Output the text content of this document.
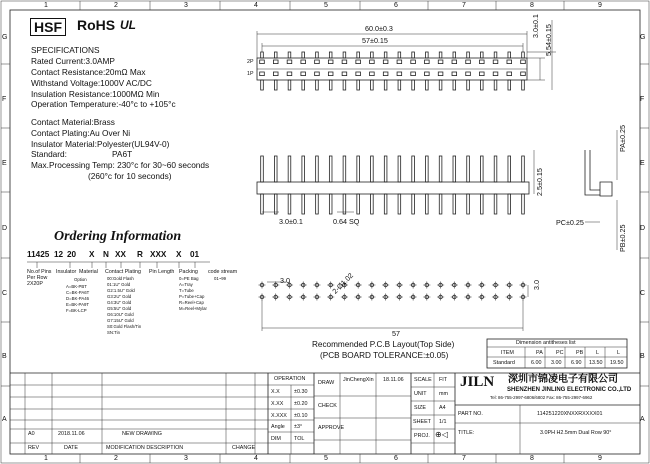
1	2	3	4	5	6	7	8	9
1	2	3	4	5	6	7	8	9
G
F
E
D
C
B
A
G
F
E
D
C
B
A
HSF RoHS UL
SPECIFICATIONS
Rated Current:3.0AMP
Contact Resistance:20mΩ Max
Withstand Voltage:1000V AC/DC
Insulation Resistance:1000MΩ Min
Operation Temperature:-40°c to +105°c
Contact Material:Brass
Contact Plating:Au Over Ni
Insulator Material:Polyester(UL94V-0)
Standard:	PA6T
Max.Processing Temp: 230°c for 30~60 seconds
(260°c for 10 seconds)
Ordering Information
11425 12 20 X N XX R XXX X 01
No.of Pins
Per Row
2X20P
Insulator Material
Option
A=BK-PBT
C=BK-PA6T
D=BK-PA46
E=BK-PA9T
F=BK-LCP
Contact Plating
00:Gold Flash
01:1U" Gold
G2:1.5U" Gold
G3:2U" Gold
G4:3U" Gold
G5:5U" Gold
G6:10U" Gold
G7:15U" Gold
S0:Gold Flash/Tin
SN:Tin
Pin Length Packing
0=PE Bag
A=Tray
T=Tube
P=Tube+Cap
R=Reel+Cap
M=Reel+Mylar
code stream
01~99
2P
1P
60.0±0.3
57±0.15
3.0±0.1 5.54±0.15
2.5±0.15
3.0±0.1	0.64 SQ
PA±0.25
PB±0.25
PC±0.25
3.0	2-Ø1.02	3.0
57
Recommended P.C.B Layout(Top Side)
(PCB BOARD TOLERANCE:±0.05)
Dimension antitheses list
ITEM	PA PC PB L	L
Standard	6.00 3.00 6.90 13.50 19.50
OPERATION
X.X	±0.30
X.XX ±0.20
X.XXX ±0.10
Angle ±3°
DIM TOL
DRAW JinChengXin 18.11.06
CHECK
APPROVE
SCALE FIT
UNIT mm
SIZE A4
SHEET 1/1
PROJ. ⊕◁
JILN 深圳市锦凌电子有限公司
SHENZHEN JINLING ELECTRONIC CO.,LTD
Tel: 86-755-2997-6806/6802 Fax: 86-755-2997-6962
PART NO.	114251220XNXXRXXXX01
TITLE:	3.0PH H2.5mm Dual Row 90°
A0	2018.11.06	NEW DRAWING
REV	DATE	MODIFICATION DESCRIPTION	CHANGE
